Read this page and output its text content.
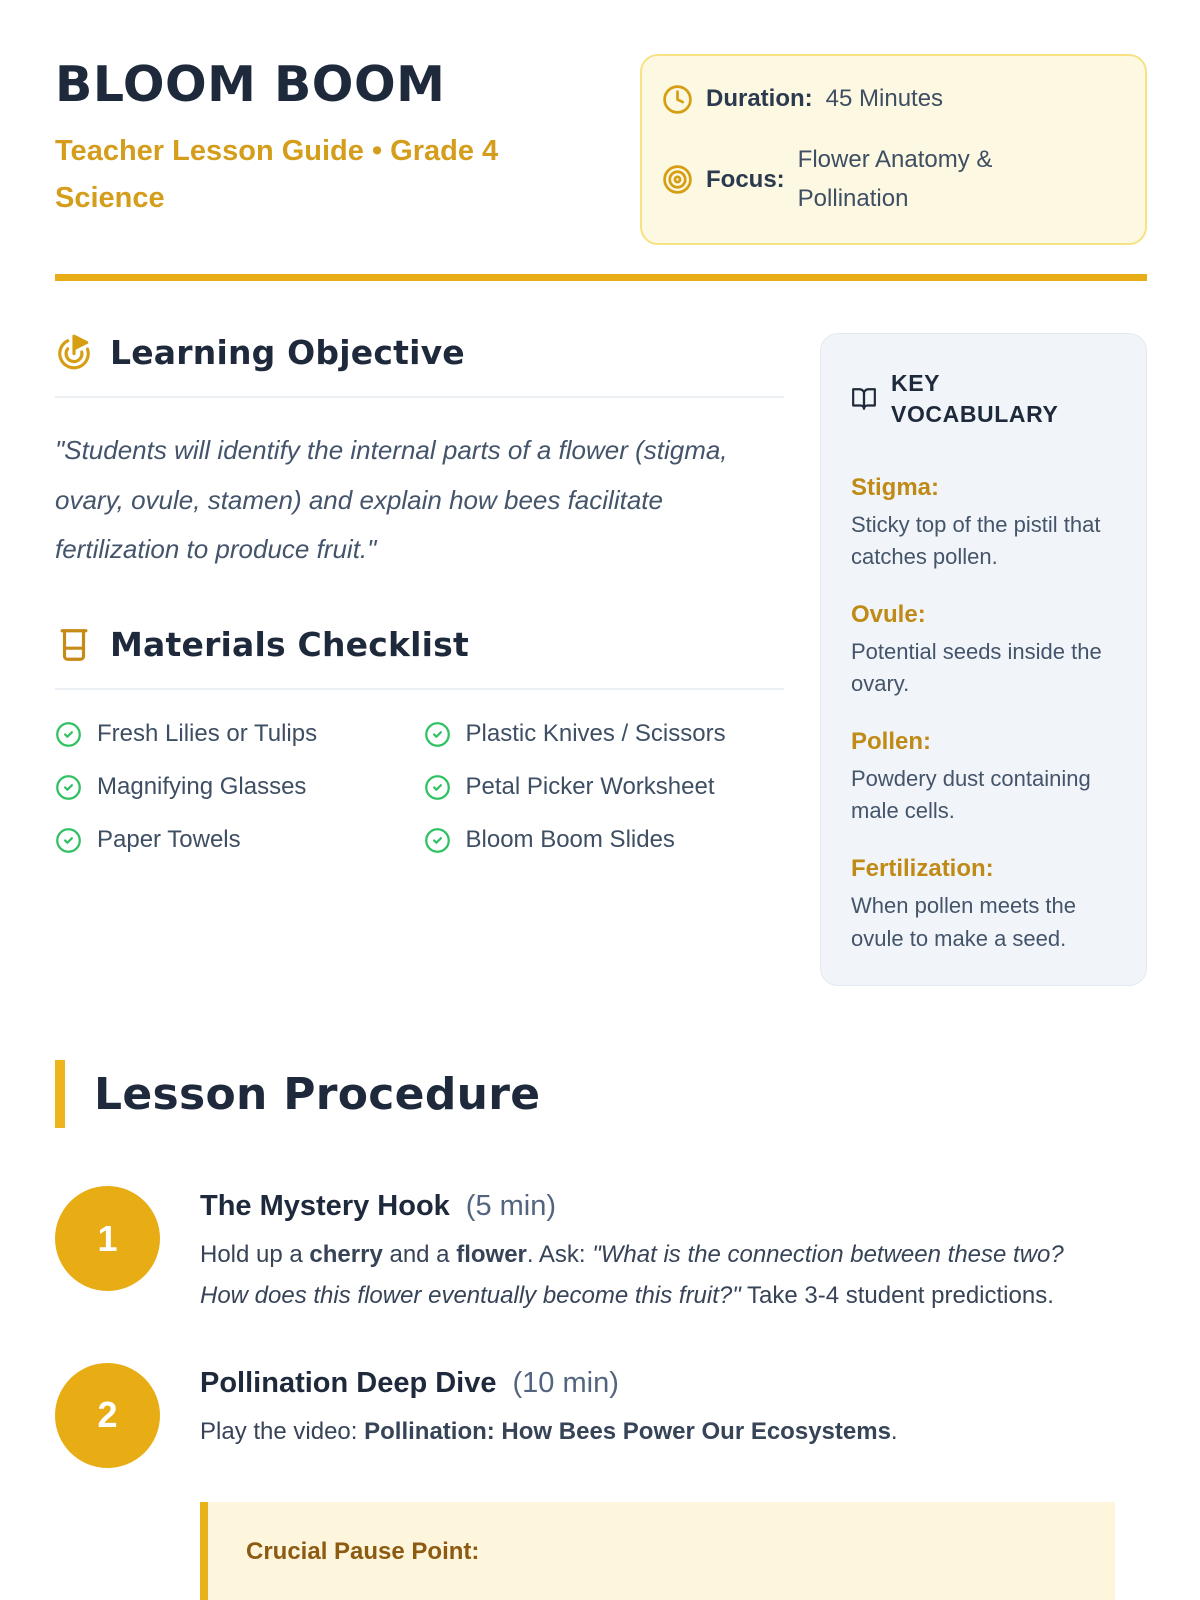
BLOOM BOOM
Teacher Lesson Guide • Grade 4 Science
Duration: 45 Minutes
Focus:
Flower Anatomy & Pollination
Learning Objective

"Students will identify the internal parts of a flower (stigma, ovary, ovule, stamen) and explain how bees facilitate fertilization to produce fruit."

Materials Checklist
Fresh Lilies or Tulips
Magnifying Glasses
Paper Towels
Plastic Knives / Scissors
Petal Picker Worksheet
Bloom Boom Slides
KEY VOCABULARY
Stigma:
Sticky top of the pistil that catches pollen.
Ovule:
Potential seeds inside the ovary.
Pollen:
Powdery dust containing male cells.
Fertilization:
When pollen meets the ovule to make a seed.
Lesson Procedure
1
The Mystery Hook (5 min)
Hold up a cherry and a flower. Ask: "What is the connection between these two? How does this flower eventually become this fruit?" Take 3-4 student predictions.
2
Pollination Deep Dive (10 min)
Play the video: Pollination: How Bees Power Our Ecosystems.
Crucial Pause Point:
